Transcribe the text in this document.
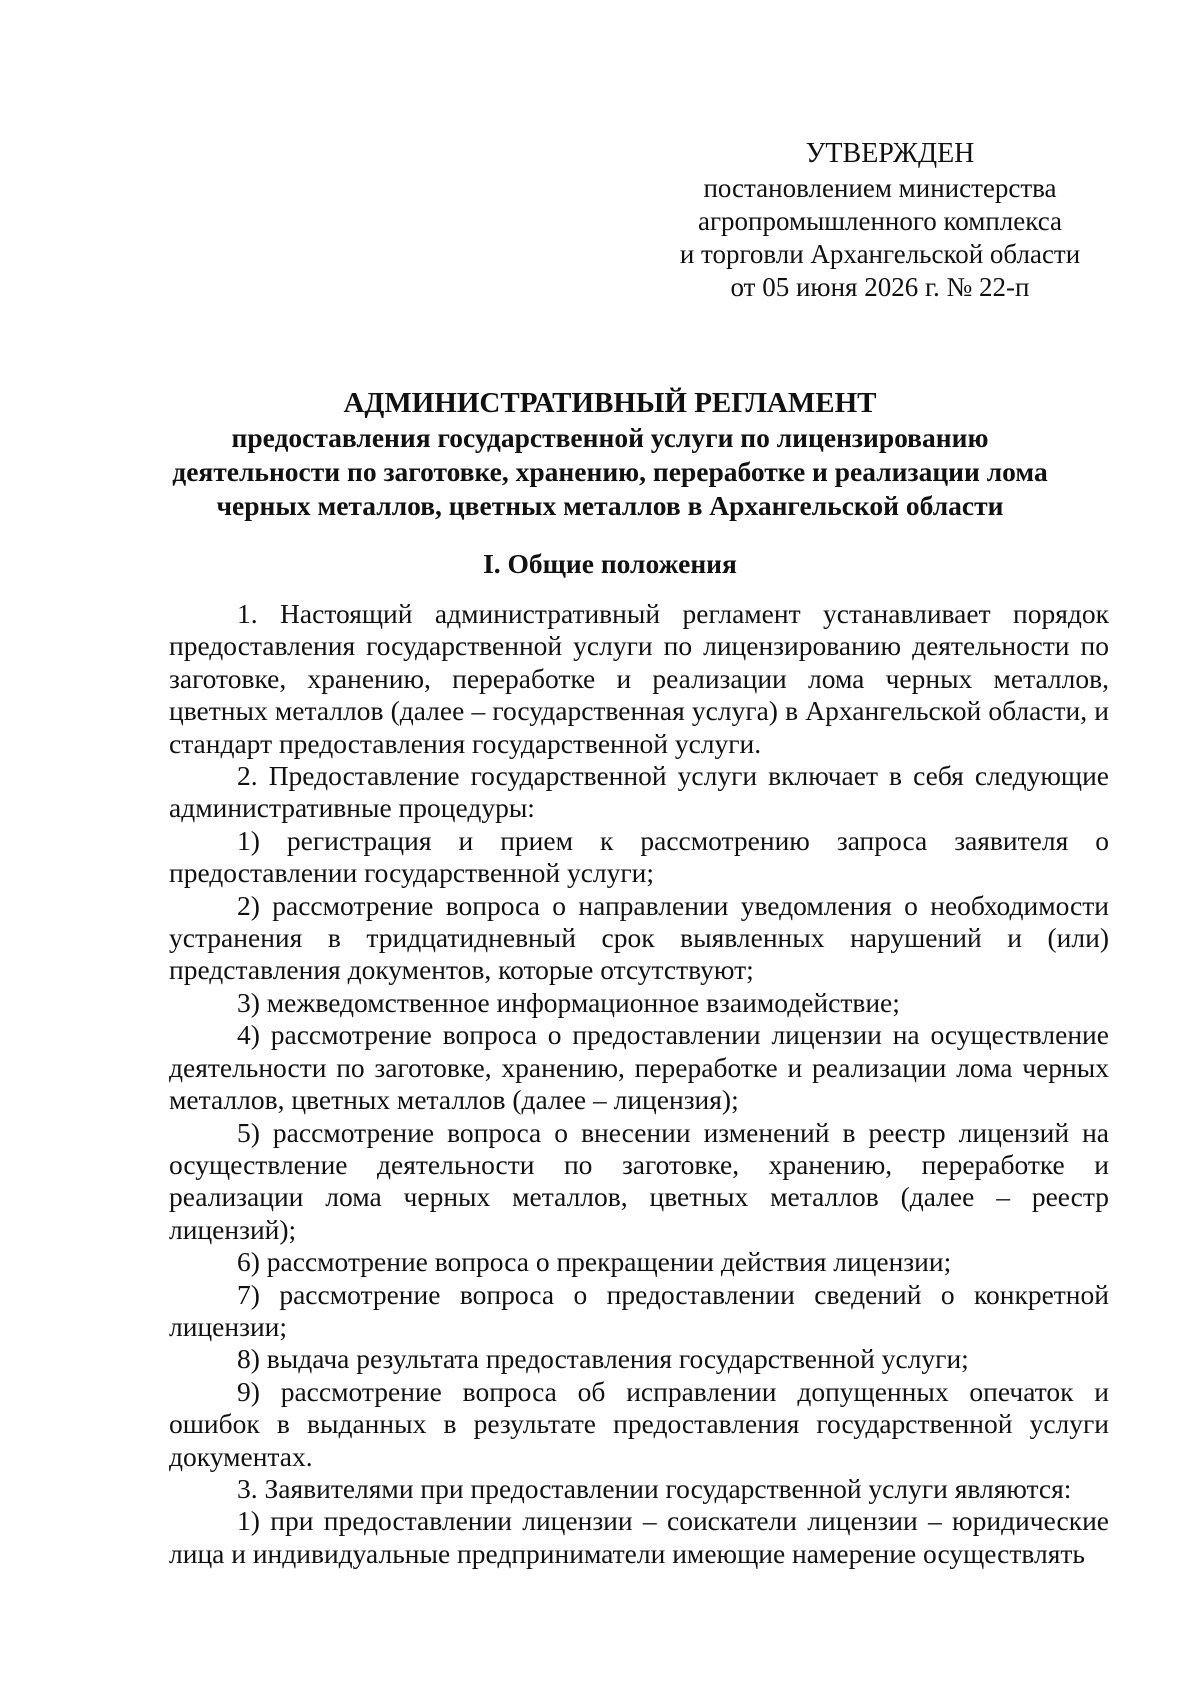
УТВЕРЖДЕН
постановлением министерства
агропромышленного комплекса
и торговли Архангельской области
от 05 июня 2026 г. № 22-п
АДМИНИСТРАТИВНЫЙ РЕГЛАМЕНТ
предоставления государственной услуги по лицензированию
деятельности по заготовке, хранению, переработке и реализации лома
черных металлов, цветных металлов в Архангельской области
I. Общие положения

1. Настоящий административный регламент устанавливает порядок предоставления государственной услуги по лицензированию деятельности по заготовке, хранению, переработке и реализации лома черных металлов, цветных металлов (далее – государственная услуга) в Архангельской области, и стандарт предоставления государственной услуги.

2. Предоставление государственной услуги включает в себя следующие административные процедуры:

1) регистрация и прием к рассмотрению запроса заявителя о предоставлении государственной услуги;

2) рассмотрение вопроса о направлении уведомления о необходимости устранения в тридцатидневный срок выявленных нарушений и (или) представления документов, которые отсутствуют;

3) межведомственное информационное взаимодействие;

4) рассмотрение вопроса о предоставлении лицензии на осуществление деятельности по заготовке, хранению, переработке и реализации лома черных металлов, цветных металлов (далее – лицензия);

5) рассмотрение вопроса о внесении изменений в реестр лицензий на осуществление деятельности по заготовке, хранению, переработке и реализации лома черных металлов, цветных металлов (далее – реестр лицензий);

6) рассмотрение вопроса о прекращении действия лицензии;

7) рассмотрение вопроса о предоставлении сведений о конкретной лицензии;

8) выдача результата предоставления государственной услуги;

9) рассмотрение вопроса об исправлении допущенных опечаток и ошибок в выданных в результате предоставления государственной услуги документах.

3. Заявителями при предоставлении государственной услуги являются:

1) при предоставлении лицензии – соискатели лицензии – юридические лица и индивидуальные предприниматели имеющие намерение осуществлять
